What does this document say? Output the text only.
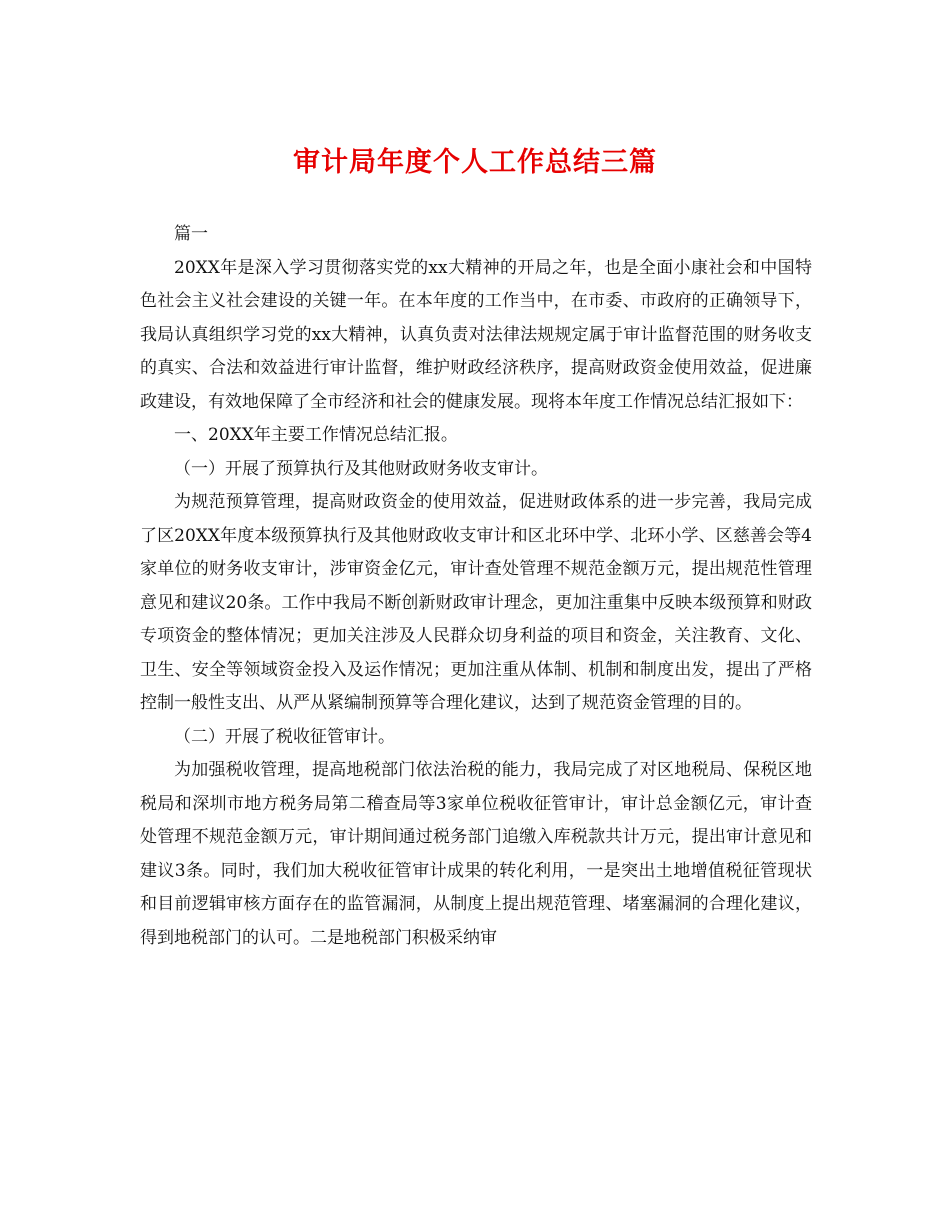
审计局年度个人工作总结三篇

篇一

20XX年是深入学习贯彻落实党的xx大精神的开局之年，也是全面小康社会和中国特色社会主义社会建设的关键一年。在本年度的工作当中，在市委、市政府的正确领导下，我局认真组织学习党的xx大精神，认真负责对法律法规规定属于审计监督范围的财务收支的真实、合法和效益进行审计监督，维护财政经济秩序，提高财政资金使用效益，促进廉政建设，有效地保障了全市经济和社会的健康发展。现将本年度工作情况总结汇报如下：

一、20XX年主要工作情况总结汇报。

（一）开展了预算执行及其他财政财务收支审计。

为规范预算管理，提高财政资金的使用效益，促进财政体系的进一步完善，我局完成了区20XX年度本级预算执行及其他财政收支审计和区北环中学、北环小学、区慈善会等4家单位的财务收支审计，涉审资金亿元，审计查处管理不规范金额万元，提出规范性管理意见和建议20条。工作中我局不断创新财政审计理念，更加注重集中反映本级预算和财政专项资金的整体情况；更加关注涉及人民群众切身利益的项目和资金，关注教育、文化、卫生、安全等领域资金投入及运作情况；更加注重从体制、机制和制度出发，提出了严格控制一般性支出、从严从紧编制预算等合理化建议，达到了规范资金管理的目的。

（二）开展了税收征管审计。

为加强税收管理，提高地税部门依法治税的能力，我局完成了对区地税局、保税区地税局和深圳市地方税务局第二稽查局等3家单位税收征管审计，审计总金额亿元，审计查处管理不规范金额万元，审计期间通过税务部门追缴入库税款共计万元，提出审计意见和建议3条。同时，我们加大税收征管审计成果的转化利用，一是突出土地增值税征管现状和目前逻辑审核方面存在的监管漏洞，从制度上提出规范管理、堵塞漏洞的合理化建议，得到地税部门的认可。二是地税部门积极采纳审
